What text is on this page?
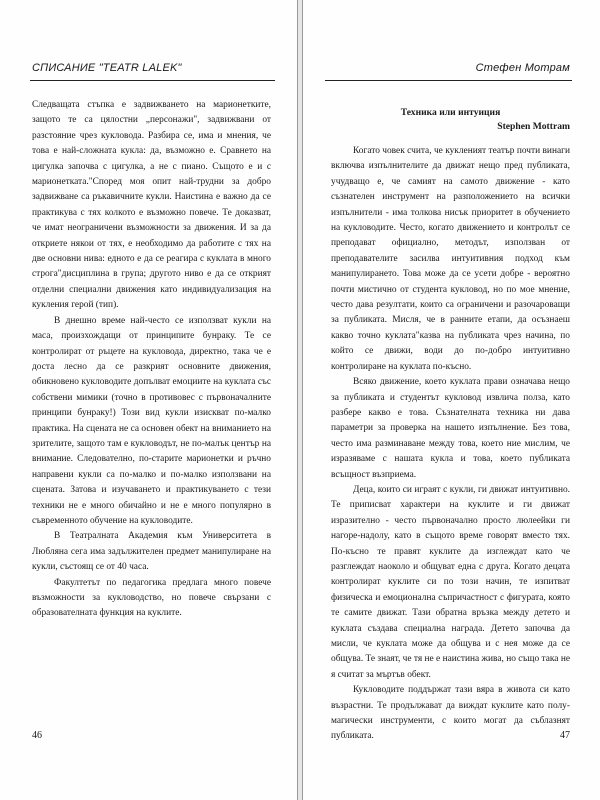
СПИСАНИЕ "TEATR LALEK"

Следващата стъпка е задвижването на марионетките, защото те са цялостни „персонажи", задвижвани от разстояние чрез кукловода. Разбира се, има и мнения, че това е най-сложната кукла: да, възможно е. Сравнето на цигулка започва с цигулка, а не с пиано. Същото е и с марионетката."Според моя опит най-трудни за добро задвижване са ръкавичните кукли. Наистина е важно да се практикува с тях колкото е възможно повече. Те доказват, че имат неограничени възможности за движения. И за да откриете някои от тях, е необходимо да работите с тях на две основни нива: едното е да се реагира с куклата в много строга"дисциплина в група; другото ниво е да се открият отделни специални движения като индивидуализация на кукления герой (тип).

В днешно време най-често се използват кукли на маса, произхождащи от принципите бунраку. Те се контролират от ръцете на кукловода, директно, така че е доста лесно да се разкрият основните движения, обикновено кукловодите допълват емоциите на куклата със собствени мимики (точно в противовес с първоначалните принципи бунраку!) Този вид кукли изискват по-малко практика. На сцената не са основен обект на вниманието на зрителите, защото там е кукловодът, не по-малък център на внимание. Следователно, по-старите марионетки и ръчно направени кукли са по-малко и по-малко използвани на сцената. Затова и изучаването и практикуването с тези техники не е много обичайно и не е много популярно в съвременното обучение на кукловодите.

В Театралната Академия към Университета в Любляна сега има задължителен предмет манипулиране на кукли, състоящ се от 40 часа.

Факултетът по педагогика предлага много повече възможности за кукловодство, но повече свързани с образователната функция на куклите.

46
Стефен Мотрам
Техника или интуиция
Stephen Mottram

Когато човек счита, че кукленият театър почти винаги включва изпълнителите да движат нещо пред публиката, учудващо е, че самият на самото движение - като съзнателен инструмент на разположението на всички изпълнители - има толкова нисък приоритет в обучението на кукловодите. Често, когато движението и контролът се преподават официално, методът, използван от преподавателите засилва интуитивния подход към манипулирането. Това може да се усети добре - вероятно почти мистично от студента кукловод, но по мое мнение, често дава резултати, които са ограничени и разочароващи за публиката. Мисля, че в ранните етапи, да осъзнаеш какво точно куклата"казва на публиката чрез начина, по който се движи, води до по-добро интуитивно контролиране на куклата по-късно.

Всяко движение, което куклата прави означава нещо за публиката и студентът кукловод извлича полза, като разбере какво е това. Съзнателната техника ни дава параметри за проверка на нашето изпълнение. Без това, често има разминаване между това, което ние мислим, че изразяваме с нашата кукла и това, което публиката всъщност възприема.

Деца, които си играят с кукли, ги движат интуитивно. Те приписват характери на куклите и ги движат изразително - често първоначално просто люлеейки ги нагоре-надолу, като в същото време говорят вместо тях. По-късно те правят куклите да изглеждат като че разглеждат наоколо и общуват една с друга. Когато децата контролират куклите си по този начин, те изпитват физическа и емоционална съпричастност с фигурата, която те самите движат. Тази обратна връзка между детето и куклата създава специална награда. Детето започва да мисли, че куклата може да общува и с нея може да се общува. Те знаят, че тя не е наистина жива, но също така не я считат за мъртъв обект.

Кукловодите поддържат тази вяра в живота си като възрастни. Те продължават да виждат куклите като полу-магически инструменти, с които могат да съблазнят публиката.	47
